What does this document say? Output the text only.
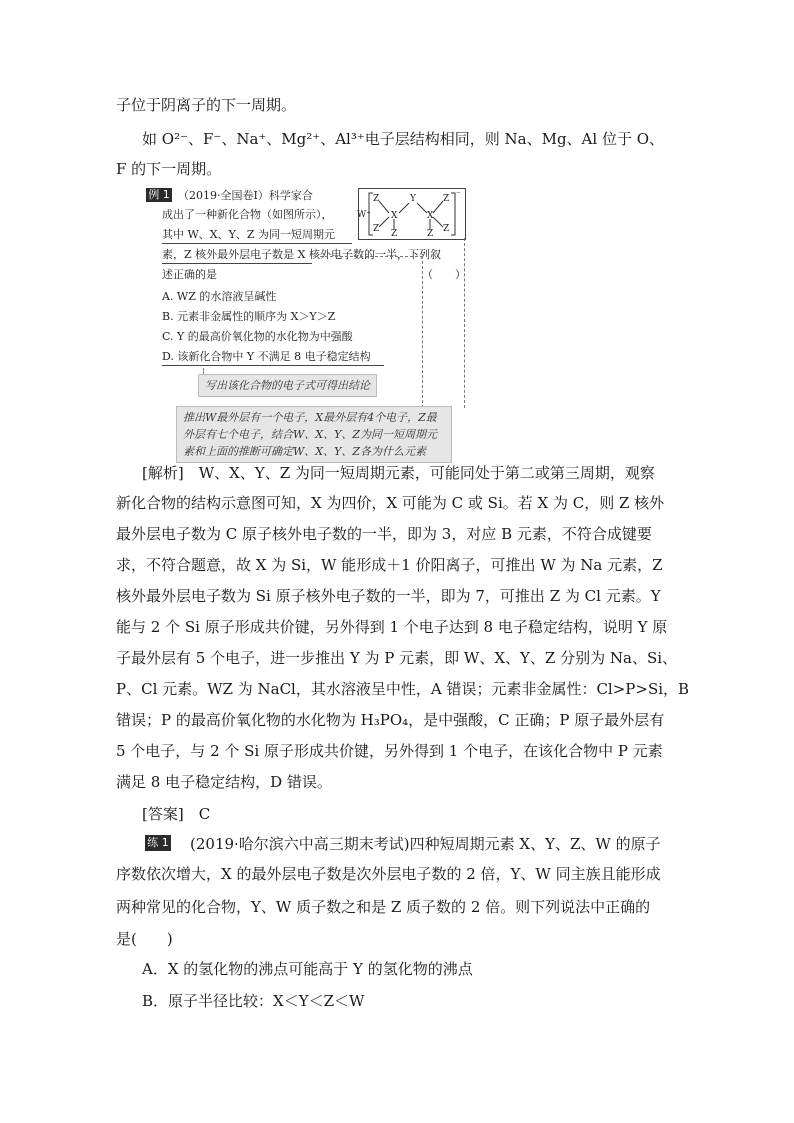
子位于阴离子的下一周期。
如 O²⁻、F⁻、Na⁺、Mg²⁺、Al³⁺电子层结构相同，则 Na、Mg、Al 位于 O、
F 的下一周期。
例 1 （2019·全国卷Ⅰ）科学家合
成出了一种新化合物（如图所示），
其中 W、X、Y、Z 为同一短周期元
素，Z 核外最外层电子数是 X 核外电子数的一半，下列叙
述正确的是	（　　）
A. WZ 的水溶液呈碱性
B. 元素非金属性的顺序为 X＞Y＞Z
C. Y 的最高价氧化物的水化物为中强酸
D. 该新化合物中 Y 不满足 8 电子稳定结构
W⁺
Z
Z
X
Z
Y
X
Z
Z
Z
⁻
写出该化合物的电子式可得出结论
推出W最外层有一个电子，X最外层有4个电子，Z最
外层有七个电子，结合W、X、Y、Z为同一短周期元
素和上面的推断可确定W、X、Y、Z各为什么元素
[解析]　W、X、Y、Z 为同一短周期元素，可能同处于第二或第三周期，观察
新化合物的结构示意图可知，X 为四价，X 可能为 C 或 Si。若 X 为 C，则 Z 核外
最外层电子数为 C 原子核外电子数的一半，即为 3，对应 B 元素，不符合成键要
求，不符合题意，故 X 为 Si，W 能形成＋1 价阳离子，可推出 W 为 Na 元素，Z
核外最外层电子数为 Si 原子核外电子数的一半，即为 7，可推出 Z 为 Cl 元素。Y
能与 2 个 Si 原子形成共价键，另外得到 1 个电子达到 8 电子稳定结构，说明 Y 原
子最外层有 5 个电子，进一步推出 Y 为 P 元素，即 W、X、Y、Z 分别为 Na、Si、
P、Cl 元素。WZ 为 NaCl，其水溶液呈中性，A 错误；元素非金属性：Cl>P>Si，B
错误；P 的最高价氧化物的水化物为 H₃PO₄，是中强酸，C 正确；P 原子最外层有
5 个电子，与 2 个 Si 原子形成共价键，另外得到 1 个电子，在该化合物中 P 元素
满足 8 电子稳定结构，D 错误。
[答案]　 C
练 1 (2019·哈尔滨六中高三期末考试)四种短周期元素 X、Y、Z、W 的原子
序数依次增大，X 的最外层电子数是次外层电子数的 2 倍，Y、W 同主族且能形成
两种常见的化合物，Y、W 质子数之和是 Z 质子数的 2 倍。则下列说法中正确的
是(　　)
A．X 的氢化物的沸点可能高于 Y 的氢化物的沸点
B．原子半径比较：X＜Y＜Z＜W
